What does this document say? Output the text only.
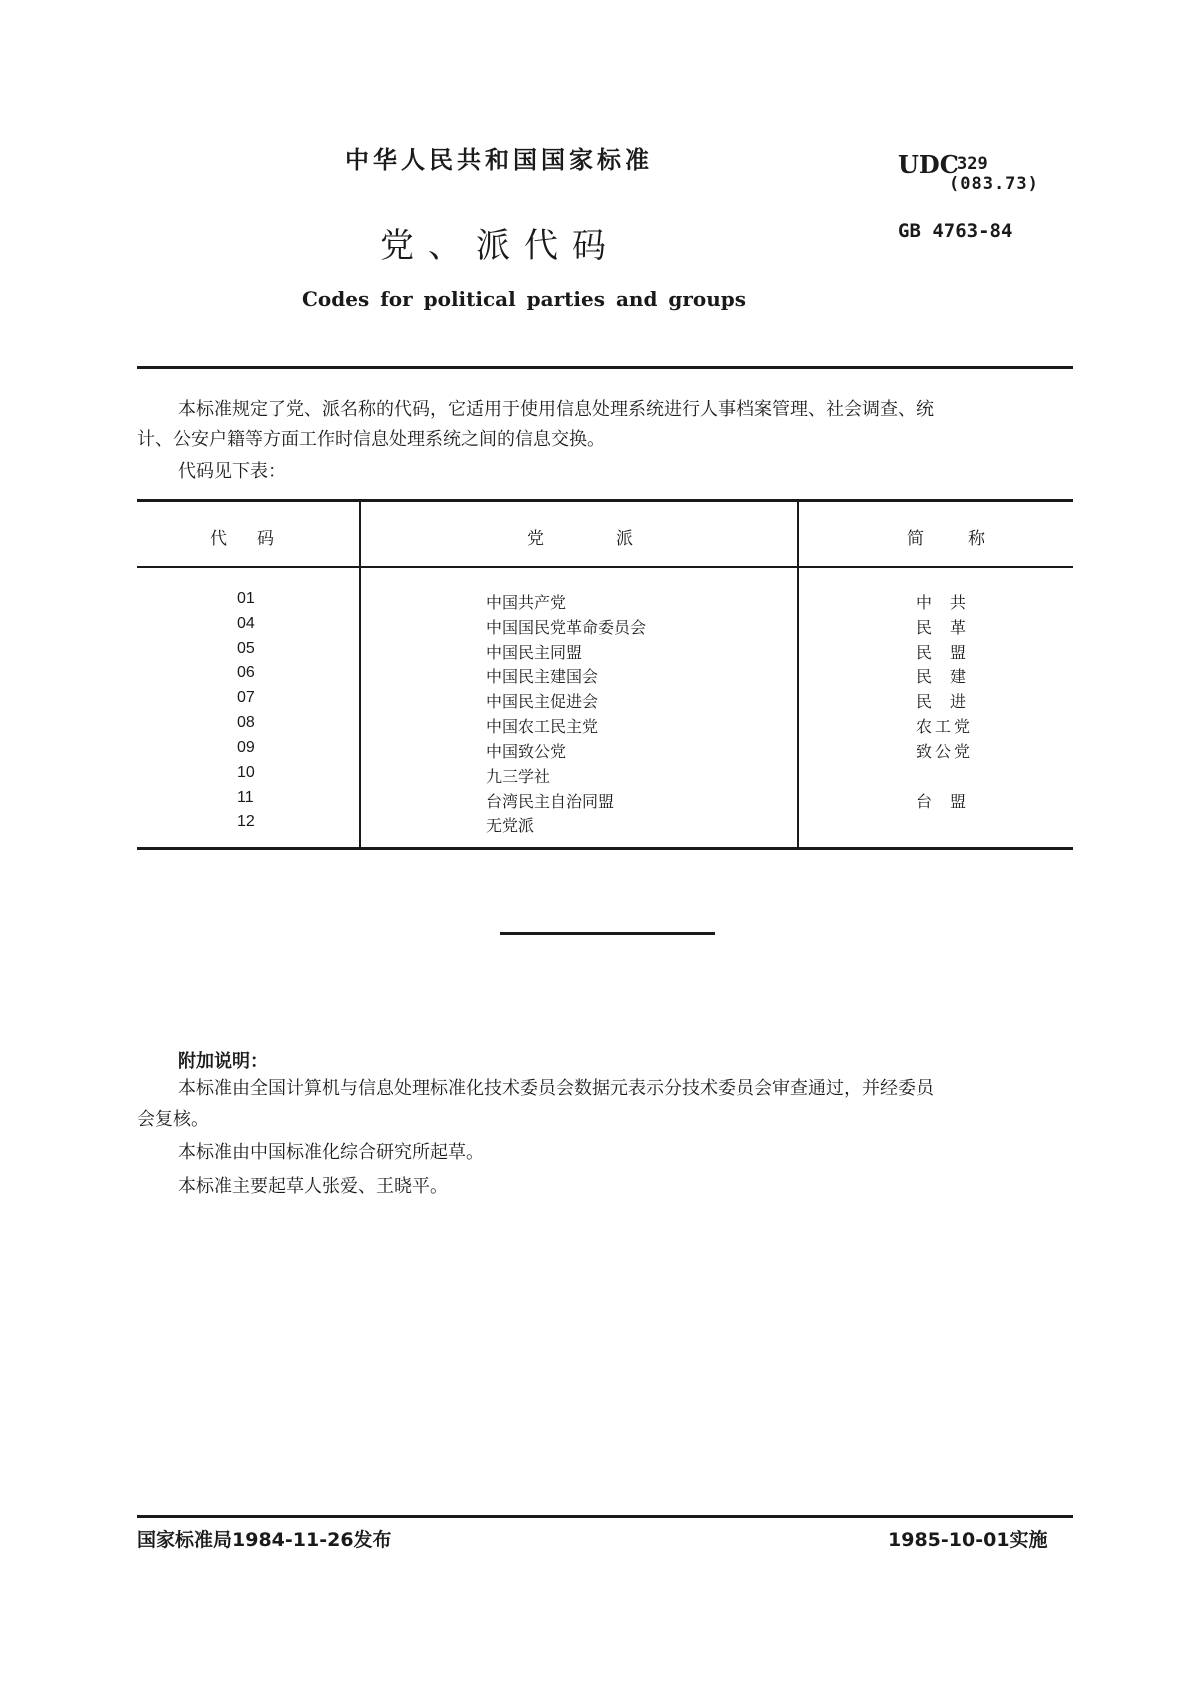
中华人民共和国国家标准	UDC
329
(083.73)
GB 4763-84
党、派代码
Codes for political parties and groups
本标准规定了党、派名称的代码，它适用于使用信息处理系统进行人事档案管理、社会调查、统
计、公安户籍等方面工作时信息处理系统之间的信息交换。
代码见下表：
代码	党派	简称
01	中国共产党	中共
04	中国国民党革命委员会	民革
05	中国民主同盟	民盟
06	中国民主建国会	民建
07	中国民主促进会	民进
08	中国农工民主党	农工党
09	中国致公党	致公党
10	九三学社
11	台湾民主自治同盟	台盟
12	无党派
附加说明：
本标准由全国计算机与信息处理标准化技术委员会数据元表示分技术委员会审查通过，并经委员
会复核。
本标准由中国标准化综合研究所起草。
本标准主要起草人张爱、王晓平。
国家标准局1984-11-26发布	1985-10-01实施
